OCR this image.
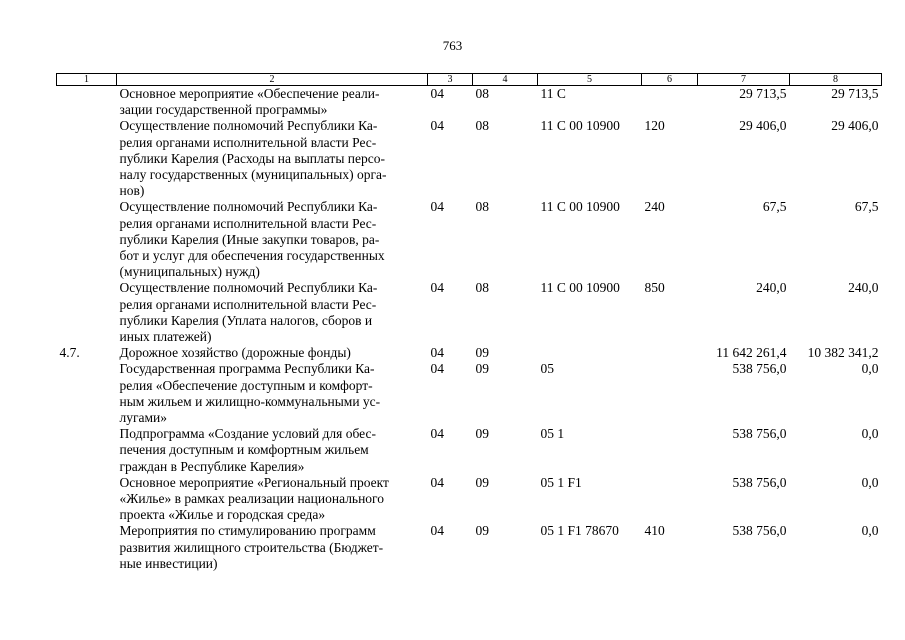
763
1	2	3	4	5	6	7	8

	Основное мероприятие «Обеспечение реали-
зации государственной программы»	04	08	11 С		29 713,5	29 713,5

	Осуществление полномочий Республики Ка-
релия органами исполнительной власти Рес-
публики Карелия (Расходы на выплаты персо-
налу государственных (муниципальных) орга-
нов)	04	08	11 С 00 10900	120	29 406,0	29 406,0

	Осуществление полномочий Республики Ка-
релия органами исполнительной власти Рес-
публики Карелия (Иные закупки товаров, ра-
бот и услуг для обеспечения государственных
(муниципальных) нужд)	04	08	11 С 00 10900	240	67,5	67,5

	Осуществление полномочий Республики Ка-
релия органами исполнительной власти Рес-
публики Карелия (Уплата налогов, сборов и
иных платежей)	04	08	11 С 00 10900	850	240,0	240,0
4.7.	Дорожное хозяйство (дорожные фонды)	04	09			11 642 261,4	10 382 341,2

	Государственная программа Республики Ка-
релия «Обеспечение доступным и комфорт-
ным жильем и жилищно-коммунальными ус-
лугами»	04	09	05		538 756,0	0,0

	Подпрограмма «Создание условий для обес-
печения доступным и комфортным жильем
граждан в Республике Карелия»	04	09	05 1		538 756,0	0,0

	Основное мероприятие «Региональный проект
«Жилье» в рамках реализации национального
проекта «Жилье и городская среда»	04	09	05 1 F1		538 756,0	0,0

	Мероприятия по стимулированию программ
развития жилищного строительства (Бюджет-
ные инвестиции)	04	09	05 1 F1 78670	410	538 756,0	0,0
